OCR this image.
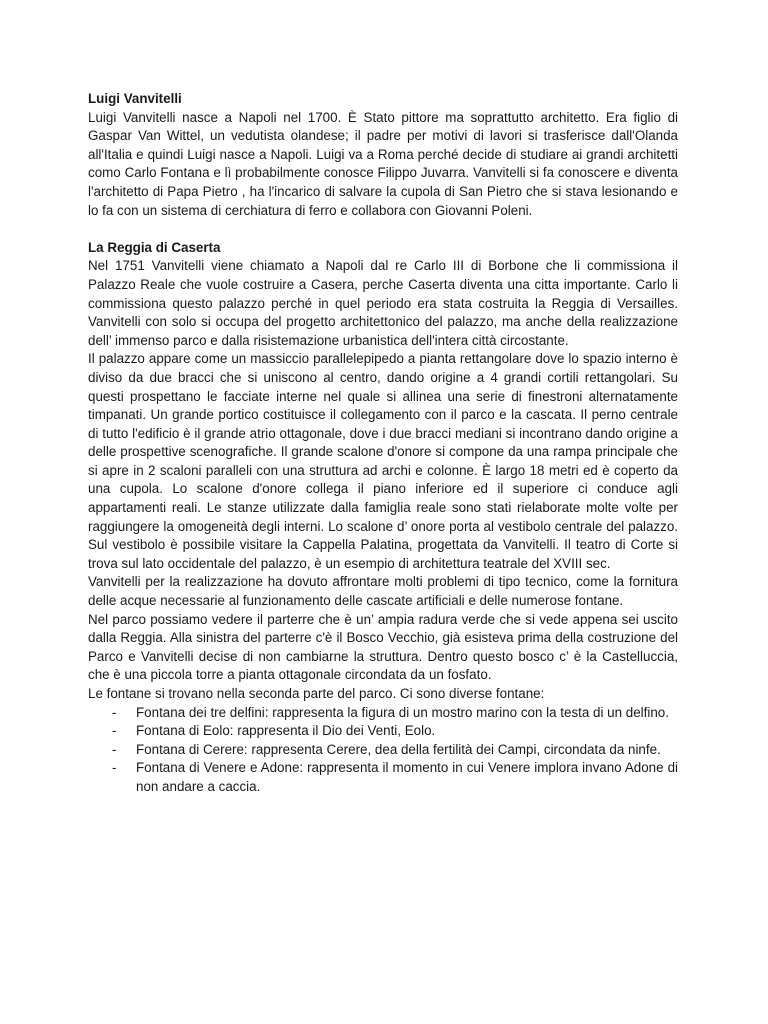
Luigi Vanvitelli

Luigi Vanvitelli nasce a Napoli nel 1700. È Stato pittore ma soprattutto architetto. Era figlio di Gaspar Van Wittel, un vedutista olandese; il padre per motivi di lavori si trasferisce dall'Olanda all'Italia e quindi Luigi nasce a Napoli. Luigi va a Roma perché decide di studiare ai grandi architetti como Carlo Fontana e lì probabilmente conosce Filippo Juvarra. Vanvitelli si fa conoscere e diventa l'architetto di Papa Pietro , ha l'incarico di salvare la cupola di San Pietro che si stava lesionando e lo fa con un sistema di cerchiatura di ferro e collabora con Giovanni Poleni.

La Reggia di Caserta

Nel 1751 Vanvitelli viene chiamato a Napoli dal re Carlo III di Borbone che li commissiona il Palazzo Reale che vuole costruire a Casera, perche Caserta diventa una citta importante. Carlo li commissiona questo palazzo perché in quel periodo era stata costruita la Reggia di Versailles. Vanvitelli con solo si occupa del progetto architettonico del palazzo, ma anche della realizzazione dell’ immenso parco e dalla risistemazione urbanistica dell'intera città circostante.

Il palazzo appare come un massiccio parallelepipedo a pianta rettangolare dove lo spazio interno è diviso da due bracci che si uniscono al centro, dando origine a 4 grandi cortili rettangolari. Su questi prospettano le facciate interne nel quale si allinea una serie di finestroni alternatamente timpanati. Un grande portico costituisce il collegamento con il parco e la cascata. Il perno centrale di tutto l'edificio è il grande atrio ottagonale, dove i due bracci mediani si incontrano dando origine a delle prospettive scenografiche. Il grande scalone d'onore si compone da una rampa principale che si apre in 2 scaloni paralleli con una struttura ad archi e colonne. È largo 18 metri ed è coperto da una cupola. Lo scalone d'onore collega il piano inferiore ed il superiore ci conduce agli appartamenti reali. Le stanze utilizzate dalla famiglia reale sono stati rielaborate molte volte per raggiungere la omogeneità degli interni. Lo scalone d’ onore porta al vestibolo centrale del palazzo. Sul vestibolo è possibile visitare la Cappella Palatina, progettata da Vanvitelli. Il teatro di Corte si trova sul lato occidentale del palazzo, è un esempio di architettura teatrale del XVIII sec.

Vanvitelli per la realizzazione ha dovuto affrontare molti problemi di tipo tecnico, come la fornitura delle acque necessarie al funzionamento delle cascate artificiali e delle numerose fontane.

Nel parco possiamo vedere il parterre che è un’ ampia radura verde che si vede appena sei uscito dalla Reggia. Alla sinistra del parterre c'è il Bosco Vecchio, già esisteva prima della costruzione del Parco e Vanvitelli decise di non cambiarne la struttura. Dentro questo bosco c’ è la Castelluccia, che è una piccola torre a pianta ottagonale circondata da un fosfato.

Le fontane si trovano nella seconda parte del parco. Ci sono diverse fontane:

- Fontana dei tre delfini: rappresenta la figura di un mostro marino con la testa di un delfino.
- Fontana di Eolo: rappresenta il Dio dei Venti, Eolo.
- Fontana di Cerere: rappresenta Cerere, dea della fertilità dei Campi, circondata da ninfe.
- Fontana di Venere e Adone: rappresenta il momento in cui Venere implora invano Adone di non andare a caccia.
